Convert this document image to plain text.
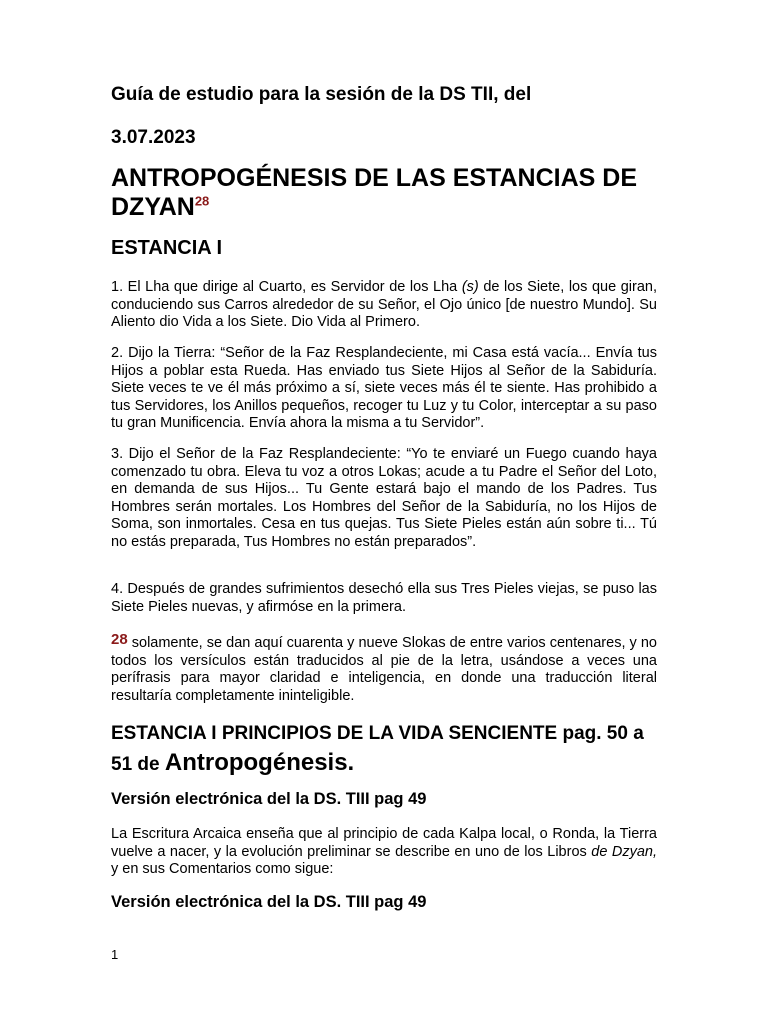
Guía de estudio para la sesión de la DS TII, del
3.07.2023
ANTROPOGÉNESIS DE LAS ESTANCIAS DE DZYAN$^{28}$
ESTANCIA I
1. El Lha que dirige al Cuarto, es Servidor de los Lha (s) de los Siete, los que giran, conduciendo sus Carros alrededor de su Señor, el Ojo único [de nuestro Mundo]. Su Aliento dio Vida a los Siete. Dio Vida al Primero.
2. Dijo la Tierra: “Señor de la Faz Resplandeciente, mi Casa está vacía... Envía tus Hijos a poblar esta Rueda. Has enviado tus Siete Hijos al Señor de la Sabiduría. Siete veces te ve él más próximo a sí, siete veces más él te siente. Has prohibido a tus Servidores, los Anillos pequeños, recoger tu Luz y tu Color, interceptar a su paso tu gran Munificencia. Envía ahora la misma a tu Servidor”.
3. Dijo el Señor de la Faz Resplandeciente: “Yo te enviaré un Fuego cuando haya comenzado tu obra. Eleva tu voz a otros Lokas; acude a tu Padre el Señor del Loto, en demanda de sus Hijos... Tu Gente estará bajo el mando de los Padres. Tus Hombres serán mortales. Los Hombres del Señor de la Sabiduría, no los Hijos de Soma, son inmortales. Cesa en tus quejas. Tus Siete Pieles están aún sobre ti... Tú no estás preparada, Tus Hombres no están preparados”.
4. Después de grandes sufrimientos desechó ella sus Tres Pieles viejas, se puso las Siete Pieles nuevas, y afirmóse en la primera.
28 solamente, se dan aquí cuarenta y nueve Slokas de entre varios centenares, y no todos los versículos están traducidos al pie de la letra, usándose a veces una perífrasis para mayor claridad e inteligencia, en donde una traducción literal resultaría completamente ininteligible.
ESTANCIA I PRINCIPIOS DE LA VIDA SENCIENTE pag. 50 a 51 de Antropogénesis.
Versión electrónica del la DS. TIII pag 49
La Escritura Arcaica enseña que al principio de cada Kalpa local, o Ronda, la Tierra vuelve a nacer, y la evolución preliminar se describe en uno de los Libros de Dzyan, y en sus Comentarios como sigue:
Versión electrónica del la DS. TIII pag 49
1
